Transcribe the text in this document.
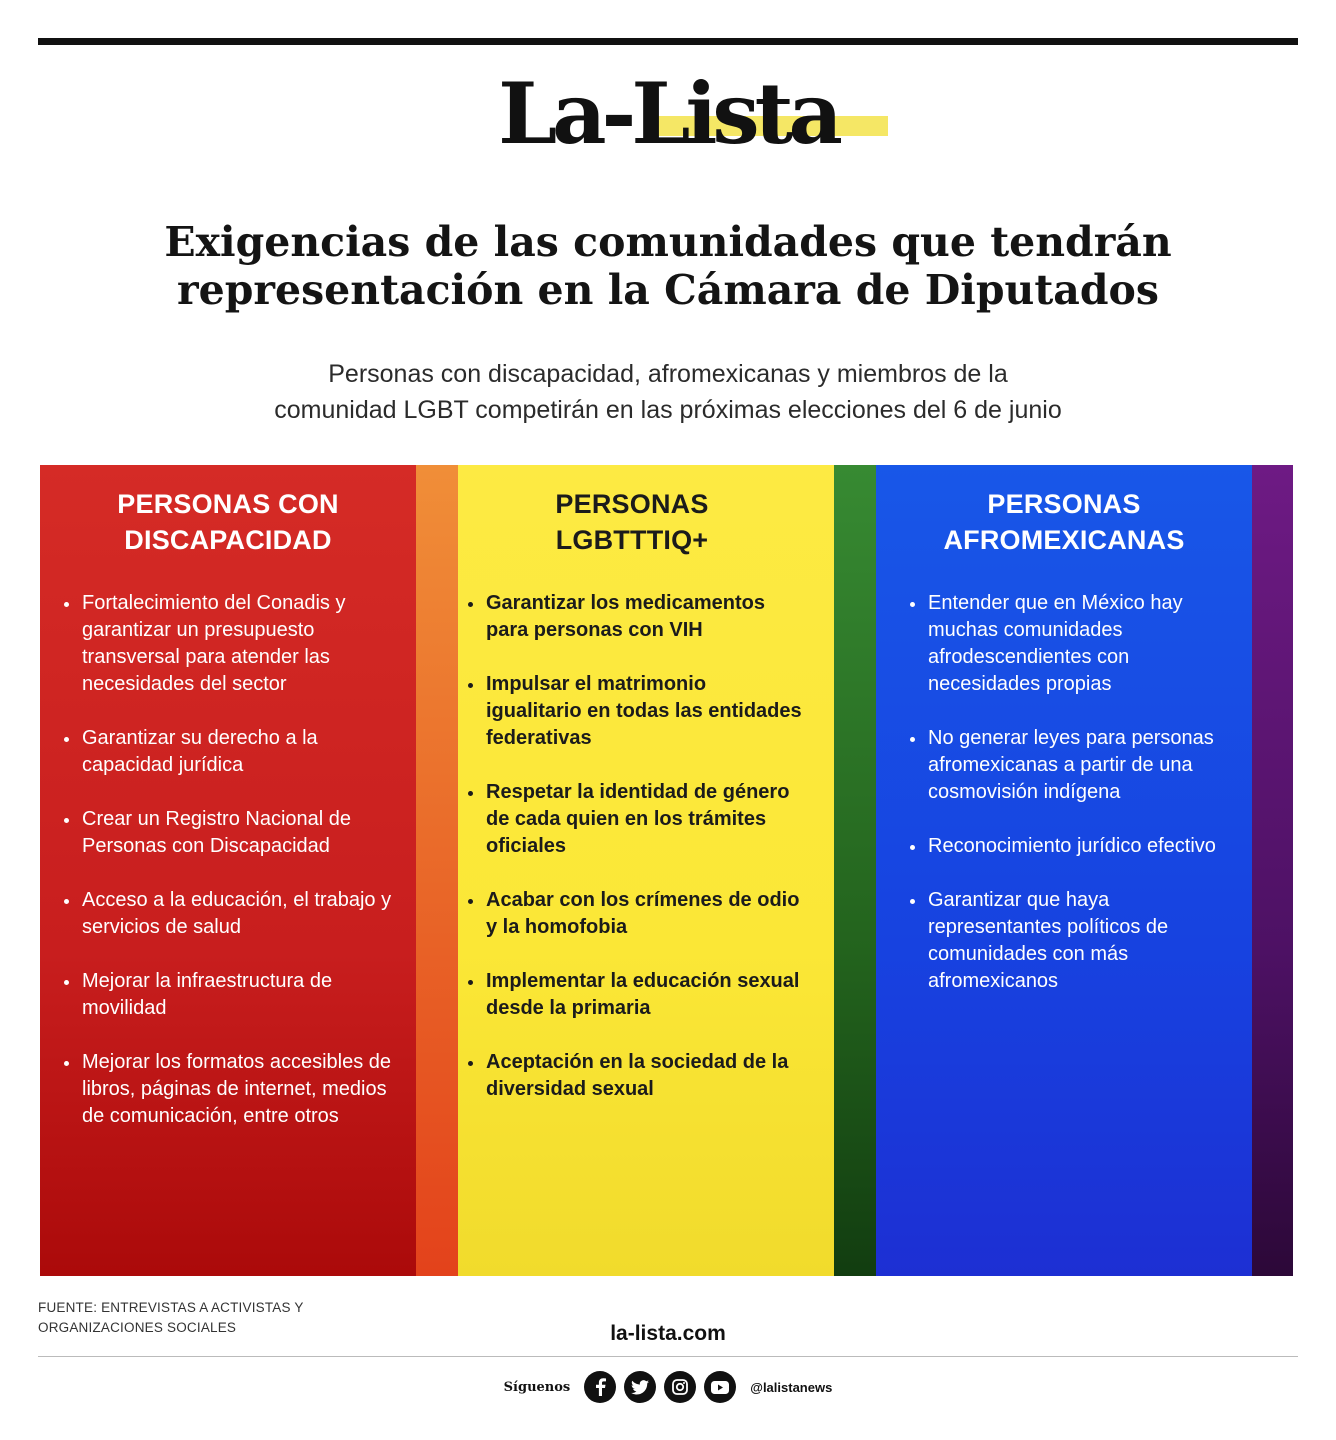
La-Lista
Exigencias de las comunidades que tendrán
representación en la Cámara de Diputados
Personas con discapacidad, afromexicanas y miembros de la
comunidad LGBT competirán en las próximas elecciones del 6 de junio
PERSONAS CON
DISCAPACIDAD
Fortalecimiento del Conadis y garantizar un presupuesto transversal para atender las necesidades del sector
Garantizar su derecho a la capacidad jurídica
Crear un Registro Nacional de Personas con Discapacidad
Acceso a la educación, el trabajo y servicios de salud
Mejorar la infraestructura de movilidad
Mejorar los formatos accesibles de libros, páginas de internet, medios de comunicación, entre otros
PERSONAS
LGBTTTIQ+
Garantizar los medicamentos para personas con VIH
Impulsar el matrimonio igualitario en todas las entidades federativas
Respetar la identidad de género de cada quien en los trámites oficiales
Acabar con los crímenes de odio y la homofobia
Implementar la educación sexual desde la primaria
Aceptación en la sociedad de la diversidad sexual
PERSONAS
AFROMEXICANAS
Entender que en México hay muchas comunidades afrodescendientes con necesidades propias
No generar leyes para personas afromexicanas a partir de una cosmovisión indígena
Reconocimiento jurídico efectivo
Garantizar que haya representantes políticos de comunidades con más afromexicanos
FUENTE: ENTREVISTAS A ACTIVISTAS Y
ORGANIZACIONES SOCIALES	la-lista.com
Síguenos	@lalistanews
